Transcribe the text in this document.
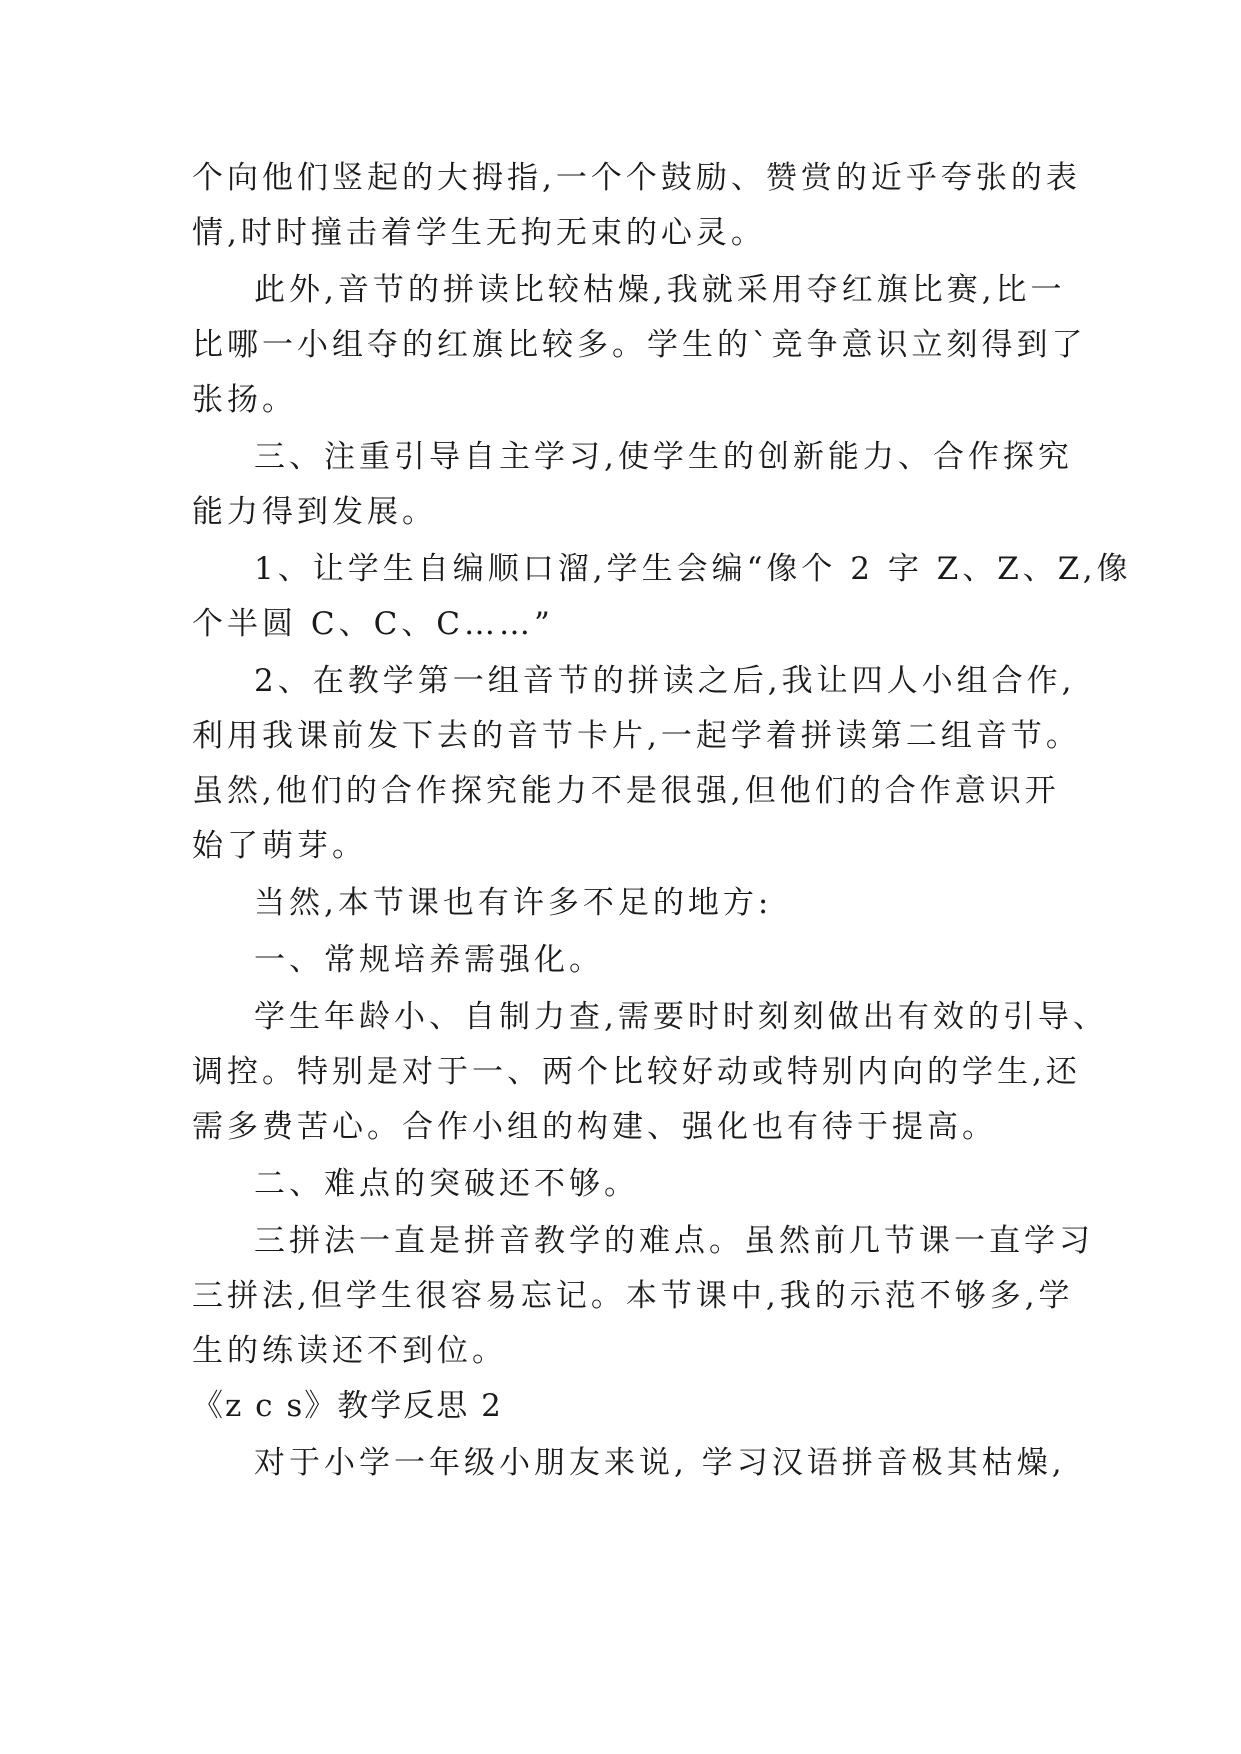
个向他们竖起的大拇指,一个个鼓励、赞赏的近乎夸张的表
情,时时撞击着学生无拘无束的心灵。
此外,音节的拼读比较枯燥,我就采用夺红旗比赛,比一
比哪一小组夺的红旗比较多。学生的`竞争意识立刻得到了
张扬。
三、注重引导自主学习,使学生的创新能力、合作探究
能力得到发展。
1、让学生自编顺口溜,学生会编“像个 2 字 Z、Z、Z,像
个半圆 C、C、C……”
2、在教学第一组音节的拼读之后,我让四人小组合作,
利用我课前发下去的音节卡片,一起学着拼读第二组音节。
虽然,他们的合作探究能力不是很强,但他们的合作意识开
始了萌芽。
当然,本节课也有许多不足的地方:
一、常规培养需强化。
学生年龄小、自制力查,需要时时刻刻做出有效的引导、
调控。特别是对于一、两个比较好动或特别内向的学生,还
需多费苦心。合作小组的构建、强化也有待于提高。
二、难点的突破还不够。
三拼法一直是拼音教学的难点。虽然前几节课一直学习
三拼法,但学生很容易忘记。本节课中,我的示范不够多,学
生的练读还不到位。
《z c s》教学反思 2
对于小学一年级小朋友来说, 学习汉语拼音极其枯燥,
